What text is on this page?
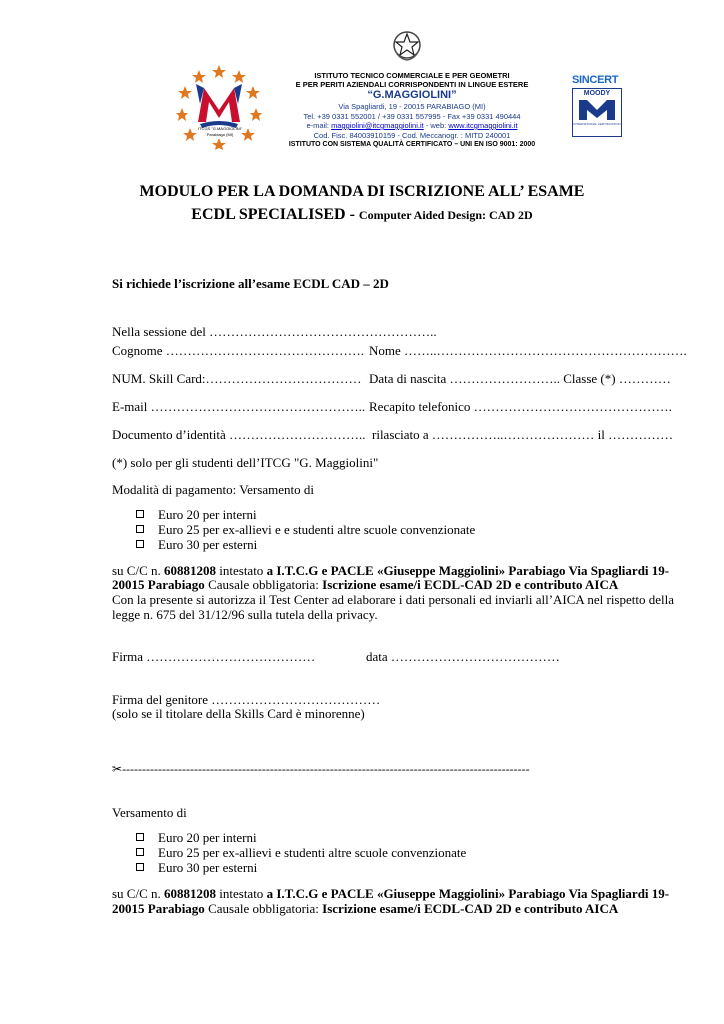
ITCGS "G.MAGGIOLINI"
Parabiago (MI)
ISTITUTO TECNICO COMMERCIALE E PER GEOMETRI
E PER PERITI AZIENDALI CORRISPONDENTI IN LINGUE ESTERE
“G.MAGGIOLINI”
Via Spagliardi, 19 - 20015 PARABIAGO (MI)
Tel. +39 0331 552001 / +39 0331 557995 - Fax +39 0331 490444
e-mail: maggiolini@itcgmaggiolini.it - web: www.itcgmaggiolini.it
Cod. Fisc. 84003910159 - Cod. Meccanogr. : MITD 240001
ISTITUTO CON SISTEMA QUALITÀ CERTIFICATO – UNI EN ISO 9001: 2000
SINCERT
MOODY
INTERNATIONAL CERTIFICATION
MODULO PER LA DOMANDA DI ISCRIZIONE ALL’ ESAME
ECDL SPECIALISED - Computer Aided Design: CAD 2D
Si richiede l’iscrizione all’esame ECDL CAD – 2D
Nella sessione del ……………………………………………..
Cognome ………………………………………. Nome ……..………………………………………………….
NUM. Skill Card:……………………………… Data di nascita …………………….. Classe (*) …………
E-mail ………………………………………….. Recapito telefonico ……………………………………….
Documento d’identità ………………………….. rilasciato a ……………..………………… il ……………
(*) solo per gli studenti dell’ITCG "G. Maggiolini"
Modalità di pagamento: Versamento di
Euro 20 per interni
Euro 25 per ex-allievi e e studenti altre scuole convenzionate
Euro 30 per esterni
su C/C n. 60881208 intestato a I.T.C.G e PACLE «Giuseppe Maggiolini» Parabiago Via Spagliardi 19-
20015 Parabiago Causale obbligatoria: Iscrizione esame/i ECDL-CAD 2D e contributo AICA
Con la presente si autorizza il Test Center ad elaborare i dati personali ed inviarli all’AICA nel rispetto della
legge n. 675 del 31/12/96 sulla tutela della privacy.
Firma …………………………………	data …………………………………
Firma del genitore …………………………………
(solo se il titolare della Skills Card è minorenne)
✂------------------------------------------------------------------------------------------------------
Versamento di
Euro 20 per interni
Euro 25 per ex-allievi e studenti altre scuole convenzionate
Euro 30 per esterni
su C/C n. 60881208 intestato a I.T.C.G e PACLE «Giuseppe Maggiolini» Parabiago Via Spagliardi 19-
20015 Parabiago Causale obbligatoria: Iscrizione esame/i ECDL-CAD 2D e contributo AICA
